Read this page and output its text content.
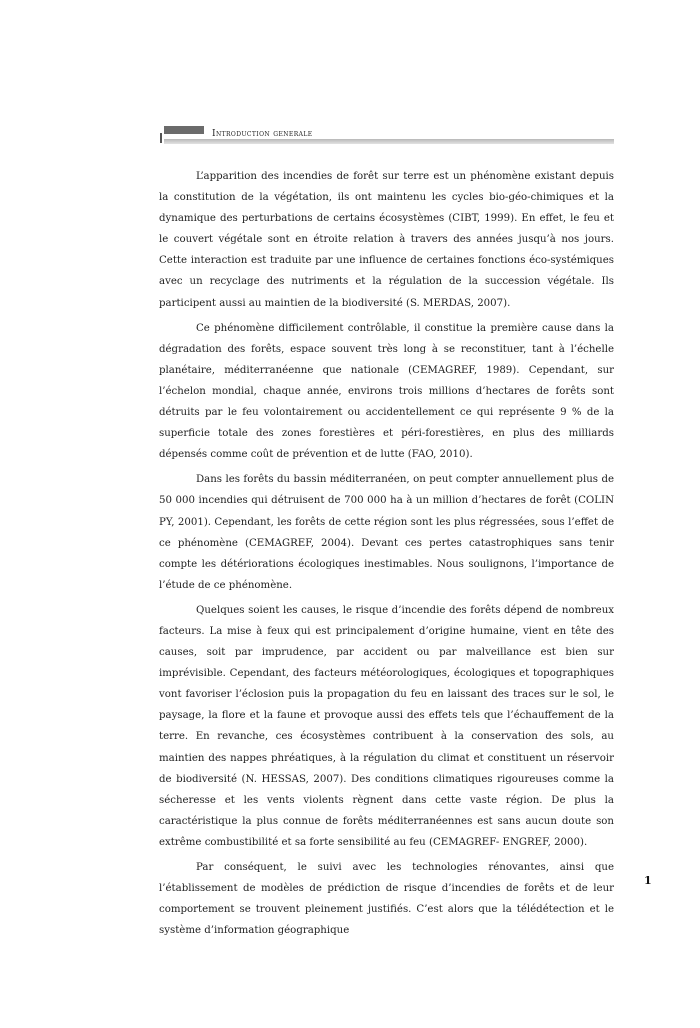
Introduction generale

L’apparition des incendies de forêt sur terre est un phénomène existant depuis la constitution de la végétation, ils ont maintenu les cycles bio-géo-chimiques et la dynamique des perturbations de certains écosystèmes (CIBT, 1999). En effet, le feu et le couvert végétale sont en étroite relation à travers des années jusqu’à nos jours. Cette interaction est traduite par une influence de certaines fonctions éco-systémiques avec un recyclage des nutriments et la régulation de la succession végétale. Ils participent aussi au maintien de la biodiversité (S. MERDAS, 2007).

Ce phénomène difficilement contrôlable, il constitue la première cause dans la dégradation des forêts, espace souvent très long à se reconstituer, tant à l’échelle planétaire, méditerranéenne que nationale (CEMAGREF, 1989). Cependant, sur l’échelon mondial, chaque année, environs trois millions d’hectares de forêts sont détruits par le feu volontairement ou accidentellement ce qui représente 9 % de la superficie totale des zones forestières et péri-forestières, en plus des milliards dépensés comme coût de prévention et de lutte (FAO, 2010).

Dans les forêts du bassin méditerranéen, on peut compter annuellement plus de 50 000 incendies qui détruisent de 700 000 ha à un million d’hectares de forêt (COLIN PY, 2001). Cependant, les forêts de cette région sont les plus régressées, sous l’effet de ce phénomène (CEMAGREF, 2004). Devant ces pertes catastrophiques sans tenir compte les détériorations écologiques inestimables. Nous soulignons, l’importance de l’étude de ce phénomène.

Quelques soient les causes, le risque d’incendie des forêts dépend de nombreux facteurs. La mise à feux qui est principalement d’origine humaine, vient en tête des causes, soit par imprudence, par accident ou par malveillance est bien sur imprévisible. Cependant, des facteurs météorologiques, écologiques et topographiques vont favoriser l’éclosion puis la propagation du feu en laissant des traces sur le sol, le paysage, la flore et la faune et provoque aussi des effets tels que l’échauffement de la terre. En revanche, ces écosystèmes contribuent à la conservation des sols, au maintien des nappes phréatiques, à la régulation du climat et constituent un réservoir de biodiversité (N. HESSAS, 2007). Des conditions climatiques rigoureuses comme la sécheresse et les vents violents règnent dans cette vaste région. De plus la caractéristique la plus connue de forêts méditerranéennes est sans aucun doute son extrême combustibilité et sa forte sensibilité au feu (CEMAGREF- ENGREF, 2000).

Par conséquent, le suivi avec les technologies rénovantes, ainsi que l’établissement de modèles de prédiction de risque d’incendies de forêts et de leur comportement se trouvent pleinement justifiés. C’est alors que la télédétection et le système d’information géographique

1
